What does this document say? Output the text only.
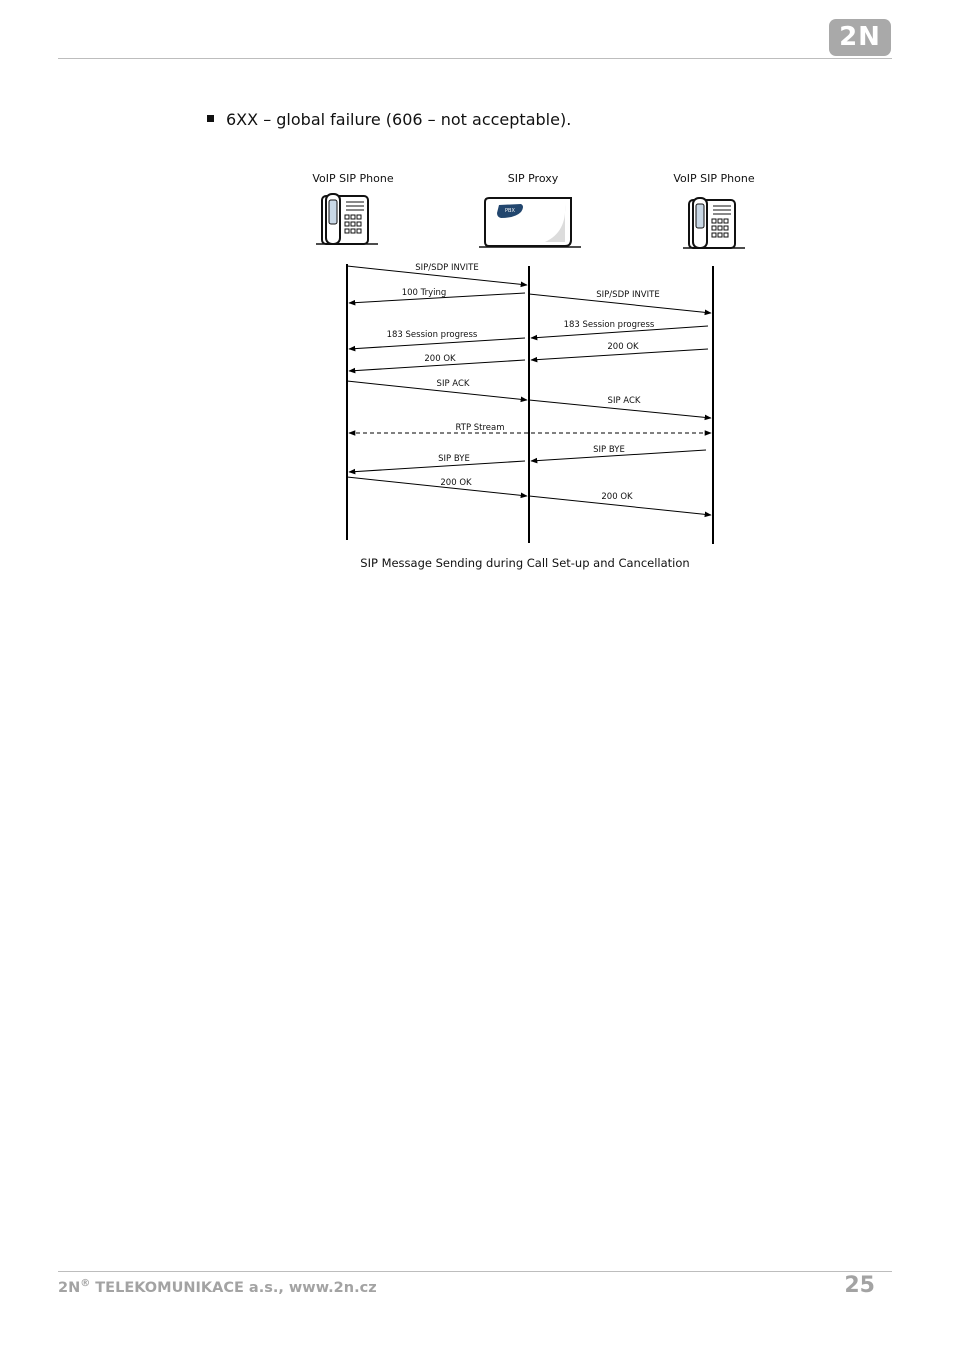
2N
6XX – global failure (606 – not acceptable).
VoIP SIP Phone	SIP Proxy	VoIP SIP Phone
PBX
SIP/SDP INVITE
100 Trying	SIP/SDP INVITE
183 Session progress
183 Session progress
200 OK
200 OK
SIP ACK
SIP ACK
RTP Stream
SIP BYE
SIP BYE
200 OK
200 OK
SIP Message Sending during Call Set-up and Cancellation
2N® TELEKOMUNIKACE a.s., www.2n.cz	25
